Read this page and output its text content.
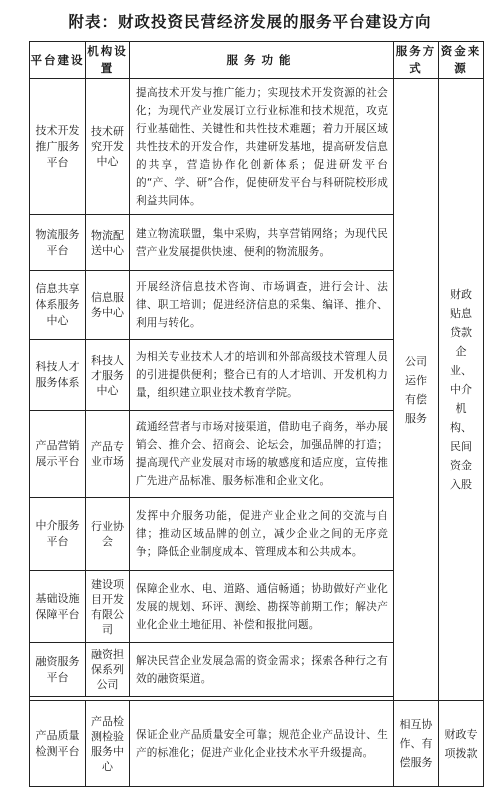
附表：财政投资民营经济发展的服务平台建设方向
平台建设	机构设置	服务功能	服务方式	资金来源
技术开发推广服务平台	技术研究开发中心	提高技术开发与推广能力；实现技术开发资源的社会化；为现代产业发展订立行业标准和技术规范，攻克行业基础性、关键性和共性技术难题；着力开展区域共性技术的开发合作，共建研发基地，提高研发信息的共享，营造协作化创新体系；促进研发平台的“产、学、研”合作，促使研发平台与科研院校形成利益共同体。	公司运作有偿服务	财政贴息贷款企业、中介机构、民间资金入股

物流服务平台	物流配送中心	建立物流联盟，集中采购，共享营销网络；为现代民营产业发展提供快速、便利的物流服务。		
信息共享体系服务中心	信息服务中心	开展经济信息技术咨询、市场调查，进行会计、法律、职工培训；促进经济信息的采集、编译、推介、利用与转化。		
科技人才服务体系	科技人才服务中心	为相关专业技术人才的培训和外部高级技术管理人员的引进提供便利；整合已有的人才培训、开发机构力量，组织建立职业技术教育学院。		
产品营销展示平台	产品专业市场	疏通经营者与市场对接渠道，借助电子商务，举办展销会、推介会、招商会、论坛会，加强品牌的打造；提高现代产业发展对市场的敏感度和适应度，宣传推广先进产品标准、服务标准和企业文化。		
中介服务平台	行业协会	发挥中介服务功能，促进产业企业之间的交流与自律；推动区域品牌的创立，减少企业之间的无序竞争；降低企业制度成本、管理成本和公共成本。		
基础设施保障平台	建设项目开发有限公司	保障企业水、电、道路、通信畅通；协助做好产业化发展的规划、环评、测绘、勘探等前期工作；解决产业化企业土地征用、补偿和报批问题。		
融资服务平台	融资担保系列公司	解决民营企业发展急需的资金需求；探索各种行之有效的融资渠道。		

产品质量检测平台	产品检测检验服务中心	保证企业产品质量安全可靠；规范企业产品设计、生产的标准化；促进产业化企业技术水平升级提高。	相互协作、有偿服务	财政专项拨款
